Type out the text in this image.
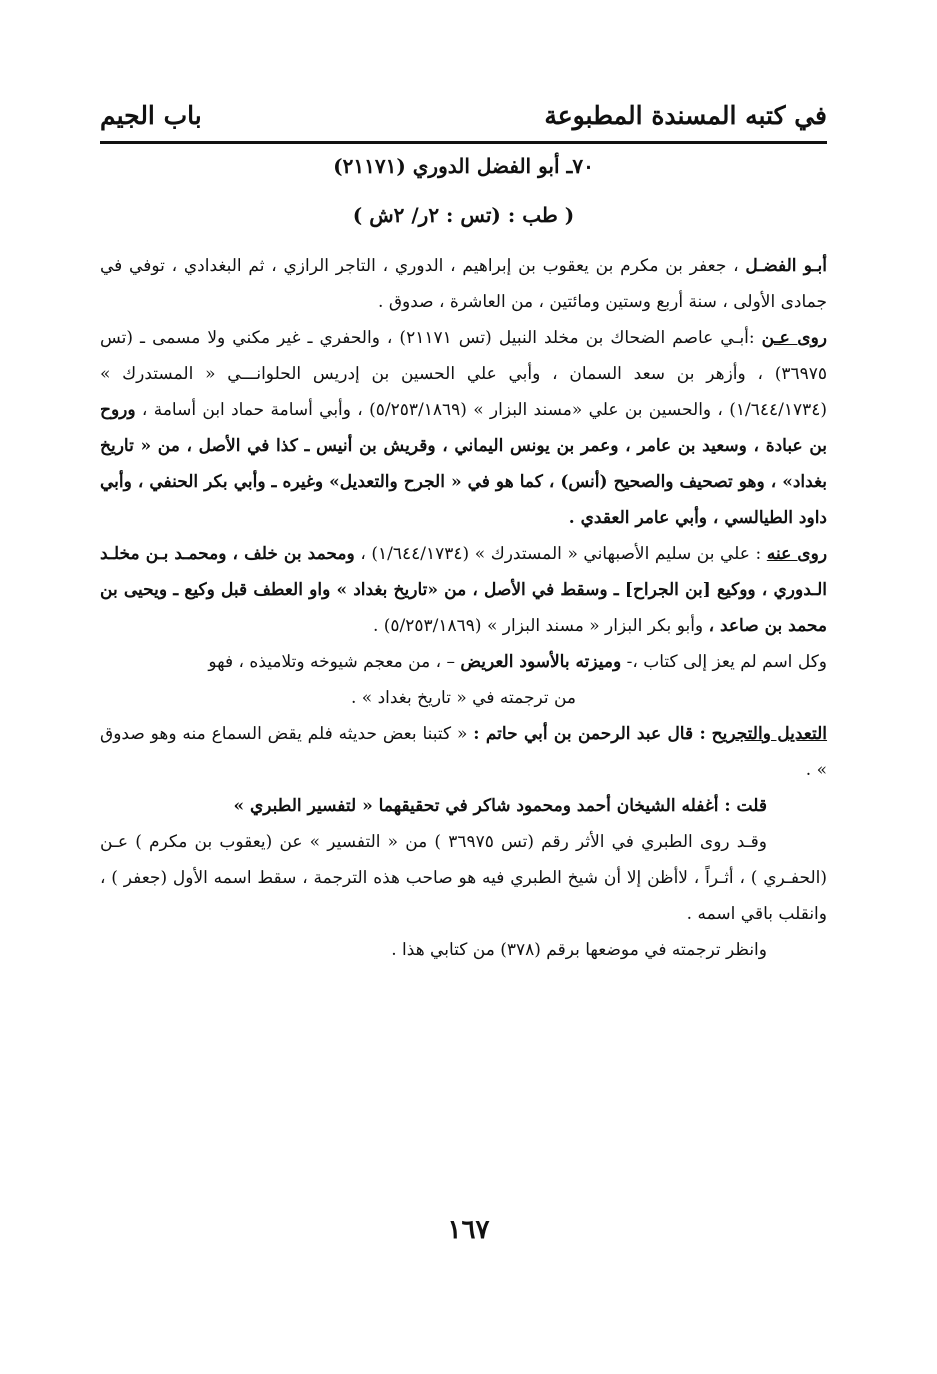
في كتبه المسندة المطبوعة
باب الجيم
٧٠ـ أبو الفضل الدوري (٢١١٧١)
( طب : (تس : ٢ر/ ٢ش )

أبـو الفضـل ، جعفر بن مكرم بن يعقوب بن إبراهيم ، الدوري ، التاجر الرازي ، ثم البغدادي ، توفي في جمادى الأولى ، سنة أربع وستين ومائتين ، من العاشرة ، صدوق .

روى عـن :أبـي عاصم الضحاك بن مخلد النبيل (تس ٢١١٧١) ، والحفري ـ غير مكني ولا مسمى ـ (تس ٣٦٩٧٥) ، وأزهر بن سعد السمان ، وأبي علي الحسين بن إدريس الحلوانـــي « المستدرك » (١/٦٤٤/١٧٣٤) ، والحسين بن علي «مسند البزار » (٥/٢٥٣/١٨٦٩) ، وأبي أسامة حماد ابن أسامة ، وروح بن عبادة ، وسعيد بن عامر ، وعمر بن يونس اليماني ، وقريش بن أنيس ـ كذا في الأصل ، من « تاريخ بغداد» ، وهو تصحيف والصحيح (أنس) ، كما هو في « الجرح والتعديل» وغيره ـ وأبي بكر الحنفي ، وأبي داود الطيالسي ، وأبي عامر العقدي .

روى عنه : علي بن سليم الأصبهاني « المستدرك » (١/٦٤٤/١٧٣٤) ، ومحمد بن خلف ، ومحمـد بـن مخلـد الـدوري ، ووكيع [بن الجراح] ـ وسقط في الأصل ، من «تاريخ بغداد » واو العطف قبل وكيع ـ ويحيى بن محمد بن صاعد ، وأبو بكر البزار « مسند البزار » (٥/٢٥٣/١٨٦٩) .

وكل اسم لم يعز إلى كتاب ،- وميزته بالأسود العريض – ، من معجم شيوخه وتلاميذه ، فهو

من ترجمته في « تاريخ بغداد » .

التعديل والتجريح : قال عبد الرحمن بن أبي حاتم : « كتبنا بعض حديثه فلم يقض السماع منه وهو صدوق » .

قلت : أغفله الشيخان أحمد ومحمود شاكر في تحقيقهما « لتفسير الطبري »

وقـد روى الطبري في الأثر رقم (تس ٣٦٩٧٥ ) من « التفسير » عن (يعقوب بن مكرم ) عـن (الحفـري ) ، أثـراً ، لاأظن إلا أن شيخ الطبري فيه هو صاحب هذه الترجمة ، سقط اسمه الأول (جعفر ) ، وانقلب باقي اسمه .

وانظر ترجمته في موضعها برقم (٣٧٨) من كتابي هذا .

١٦٧
